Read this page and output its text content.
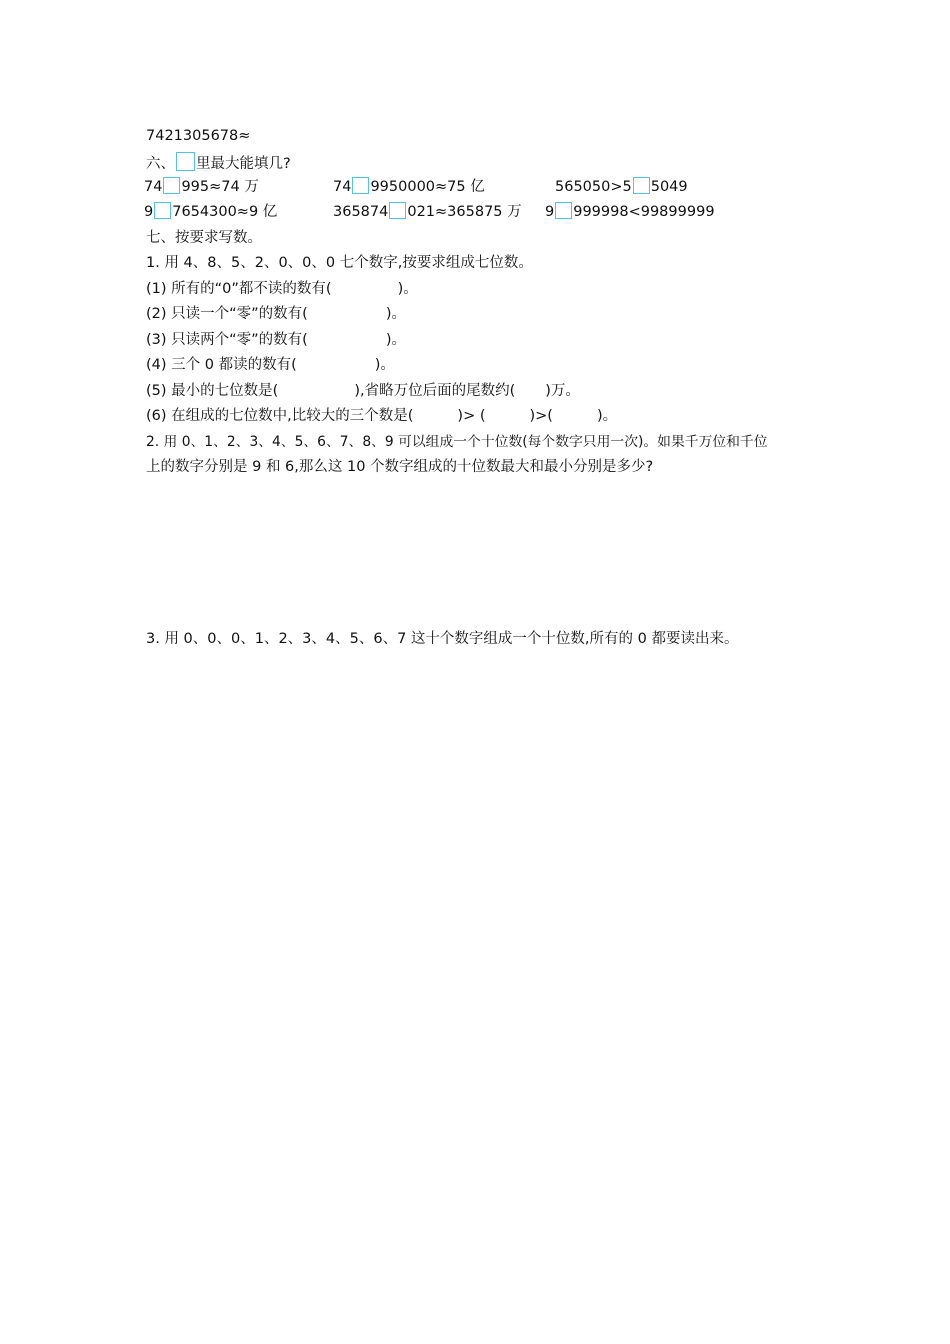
7421305678≈
六、 里最大能填几?
74 995≈74 万	74 9950000≈75 亿	565050>5 5049
9 7654300≈9 亿	365874 021≈365875 万 9 999998<99899999
七、按要求写数。
1. 用 4、8、5、2、0、0、0 七个数字,按要求组成七位数。
(1) 所有的“0”都不读的数有(	)。
(2) 只读一个“零”的数有(	)。
(3) 只读两个“零”的数有(	)。
(4) 三个 0 都读的数有(	)。
(5) 最小的七位数是(	),省略万位后面的尾数约( )万。
(6) 在组成的七位数中,比较大的三个数是(	)> (	)>(	)。
2. 用 0、1、2、3、4、5、6、7、8、9 可以组成一个十位数(每个数字只用一次)。如果千万位和千位
上的数字分别是 9 和 6,那么这 10 个数字组成的十位数最大和最小分别是多少?
3. 用 0、0、0、1、2、3、4、5、6、7 这十个数字组成一个十位数,所有的 0 都要读出来。
